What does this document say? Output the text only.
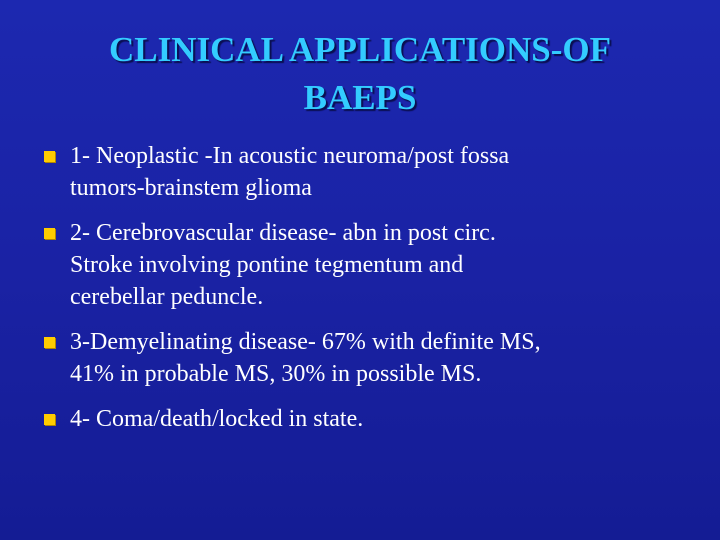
CLINICAL APPLICATIONS-OF
BAEPS
1- Neoplastic -In acoustic neuroma/post fossa
tumors-brainstem glioma
2- Cerebrovascular disease- abn in post circ.
Stroke involving pontine tegmentum and
cerebellar peduncle.
3-Demyelinating disease- 67% with definite MS,
41% in probable MS, 30% in possible MS.
4- Coma/death/locked in state.
